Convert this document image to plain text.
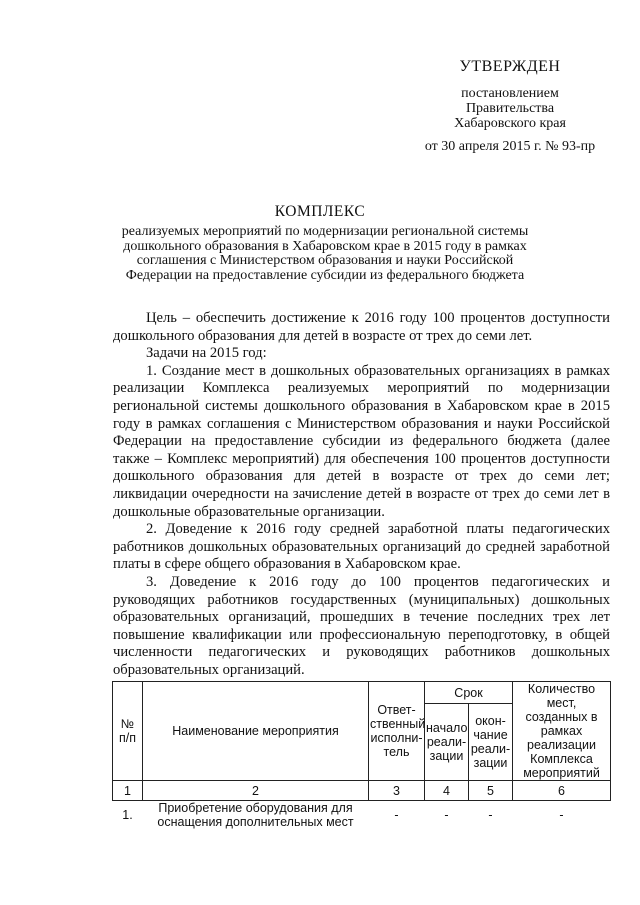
УТВЕРЖДЕН
постановлением
Правительства
Хабаровского края
от 30 апреля 2015 г. № 93-пр
КОМПЛЕКС
реализуемых мероприятий по модернизации региональной системы дошкольного образования в Хабаровском крае в 2015 году в рамках соглашения с Министерством образования и науки Российской Федерации на предоставление субсидии из федерального бюджета

Цель – обеспечить достижение к 2016 году 100 процентов доступности дошкольного образования для детей в возрасте от трех до семи лет.

Задачи на 2015 год:

1. Создание мест в дошкольных образовательных организациях в рамках реализации Комплекса реализуемых мероприятий по модернизации региональной системы дошкольного образования в Хабаровском крае в 2015 году в рамках соглашения с Министерством образования и науки Российской Федерации на предоставление субсидии из федерального бюджета (далее также – Комплекс мероприятий) для обеспечения 100 процентов доступности дошкольного образования для детей в возрасте от трех до семи лет; ликвидации очередности на зачисление детей в возрасте от трех до семи лет в дошкольные образовательные организации.

2. Доведение к 2016 году средней заработной платы педагогических работников дошкольных образовательных организаций до средней заработной платы в сфере общего образования в Хабаровском крае.

3. Доведение к 2016 году до 100 процентов педагогических и руководящих работников государственных (муниципальных) дошкольных образовательных организаций, прошедших в течение последних трех лет повышение квалификации или профессиональную переподготовку, в общей численности педагогических и руководящих работников дошкольных образовательных организаций.

№ п/п	Наименование мероприятия	Ответ-ственный исполни-тель	Срок		Количество мест, созданных в рамках реализации Комплекса мероприятий
			начало реали-зации	окон-чание реали-зации	
1	2	3	4	5	6
1.	Приобретение оборудования для оснащения дополнительных мест	-	-	-	-
